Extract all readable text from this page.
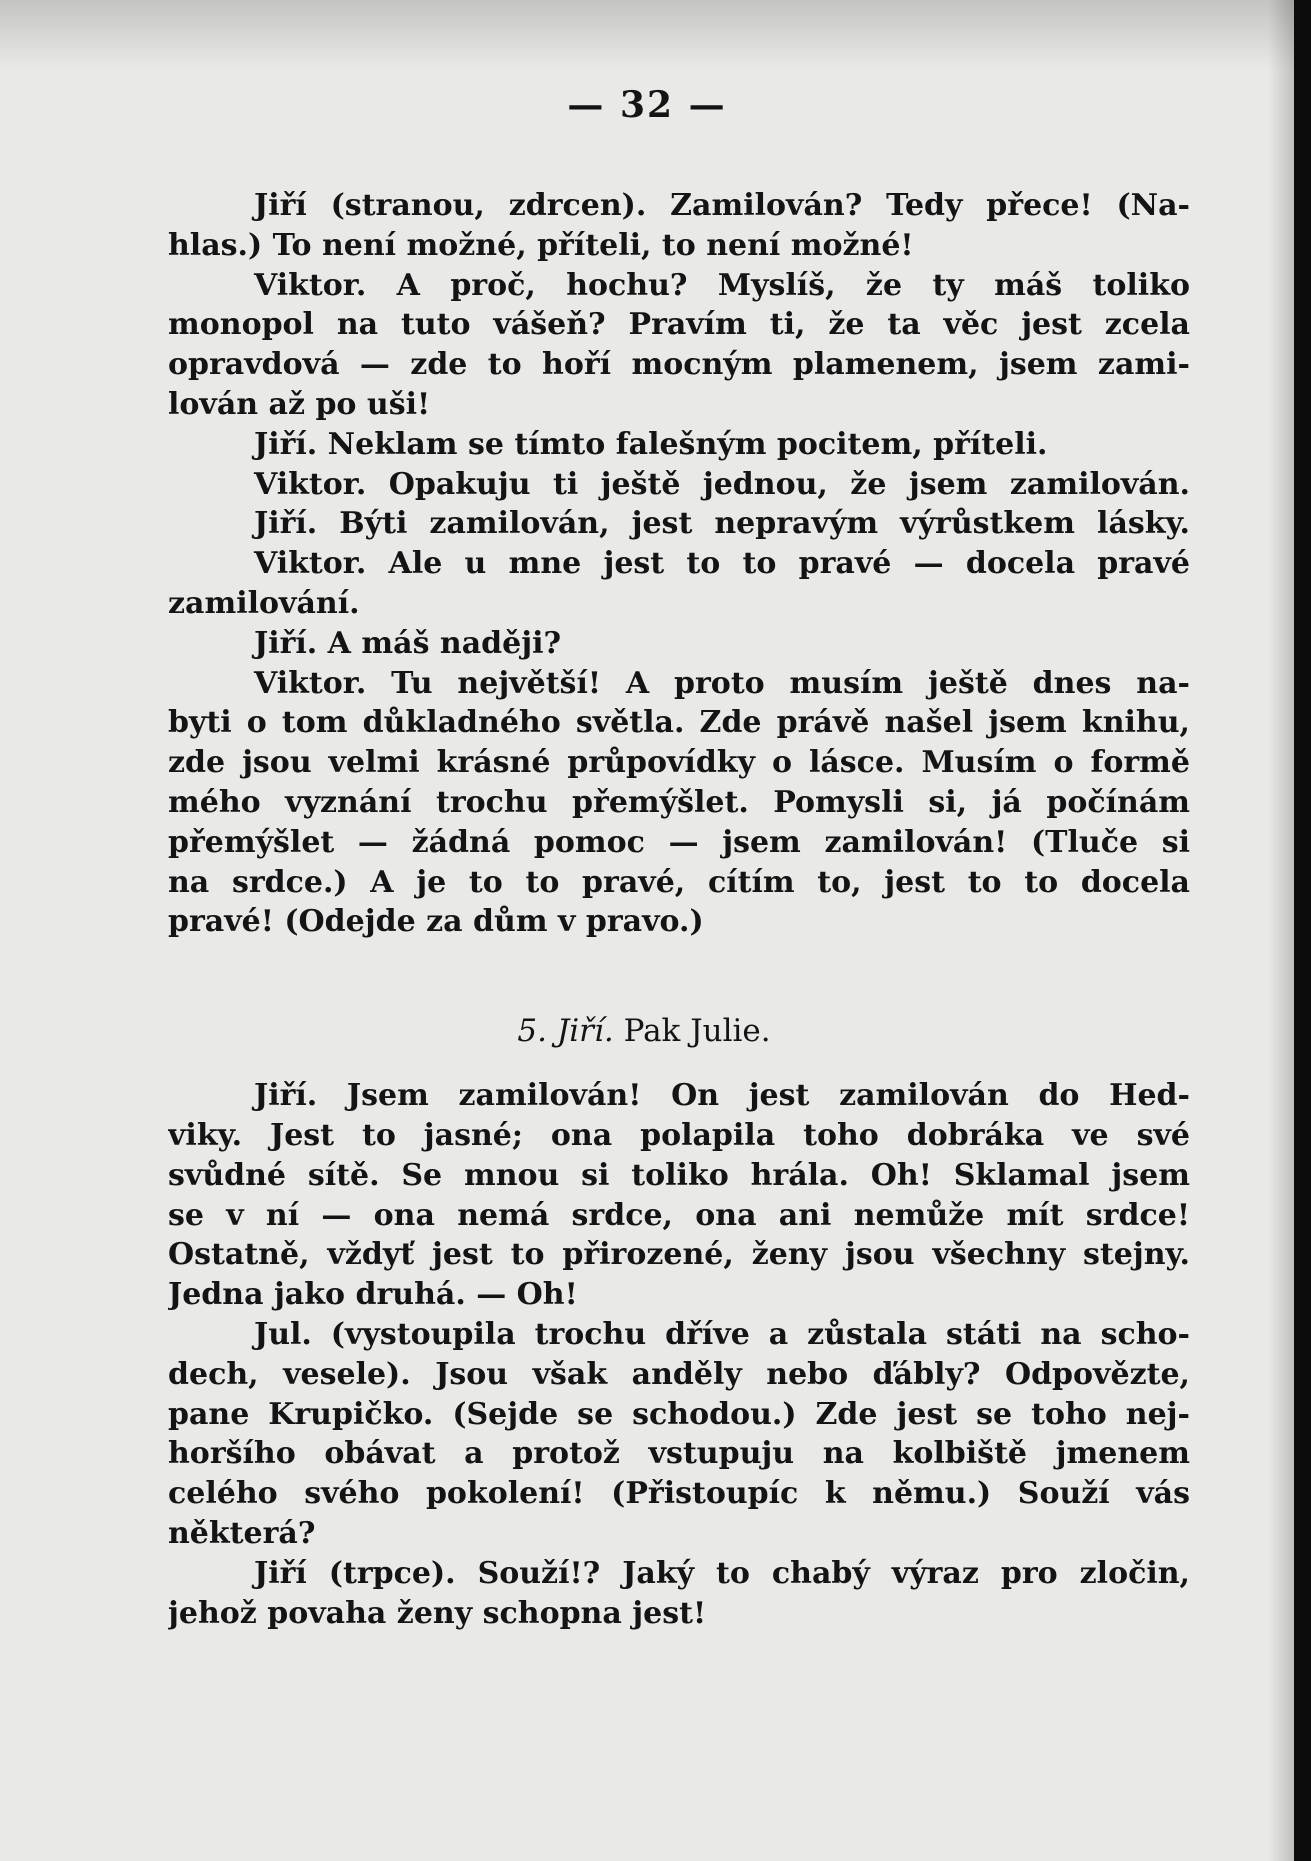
— 32 —
Jiří (stranou, zdrcen). Zamilován? Tedy přece! (Na-
hlas.) To není možné, příteli, to není možné!
Viktor. A proč, hochu? Myslíš, že ty máš toliko
monopol na tuto vášeň? Pravím ti, že ta věc jest zcela
opravdová — zde to hoří mocným plamenem, jsem zami-
lován až po uši!
Jiří. Neklam se tímto falešným pocitem, příteli.
Viktor. Opakuju ti ještě jednou, že jsem zamilován.
Jiří. Býti zamilován, jest nepravým výrůstkem lásky.
Viktor. Ale u mne jest to to pravé — docela pravé
zamilování.
Jiří. A máš naději?
Viktor. Tu největší! A proto musím ještě dnes na-
byti o tom důkladného světla. Zde právě našel jsem knihu,
zde jsou velmi krásné průpovídky o lásce. Musím o formě
mého vyznání trochu přemýšlet. Pomysli si, já počínám
přemýšlet — žádná pomoc — jsem zamilován! (Tluče si
na srdce.) A je to to pravé, cítím to, jest to to docela
pravé! (Odejde za dům v pravo.)
5. Jiří. Pak Julie.
Jiří. Jsem zamilován! On jest zamilován do Hed-
viky. Jest to jasné; ona polapila toho dobráka ve své
svůdné sítě. Se mnou si toliko hrála. Oh! Sklamal jsem
se v ní — ona nemá srdce, ona ani nemůže mít srdce!
Ostatně, vždyť jest to přirozené, ženy jsou všechny stejny.
Jedna jako druhá. — Oh!
Jul. (vystoupila trochu dříve a zůstala státi na scho-
dech, vesele). Jsou však anděly nebo ďábly? Odpovězte,
pane Krupičko. (Sejde se schodou.) Zde jest se toho nej-
horšího obávat a protož vstupuju na kolbiště jmenem
celého svého pokolení! (Přistoupíc k němu.) Souží vás
některá?
Jiří (trpce). Souží!? Jaký to chabý výraz pro zločin,
jehož povaha ženy schopna jest!
